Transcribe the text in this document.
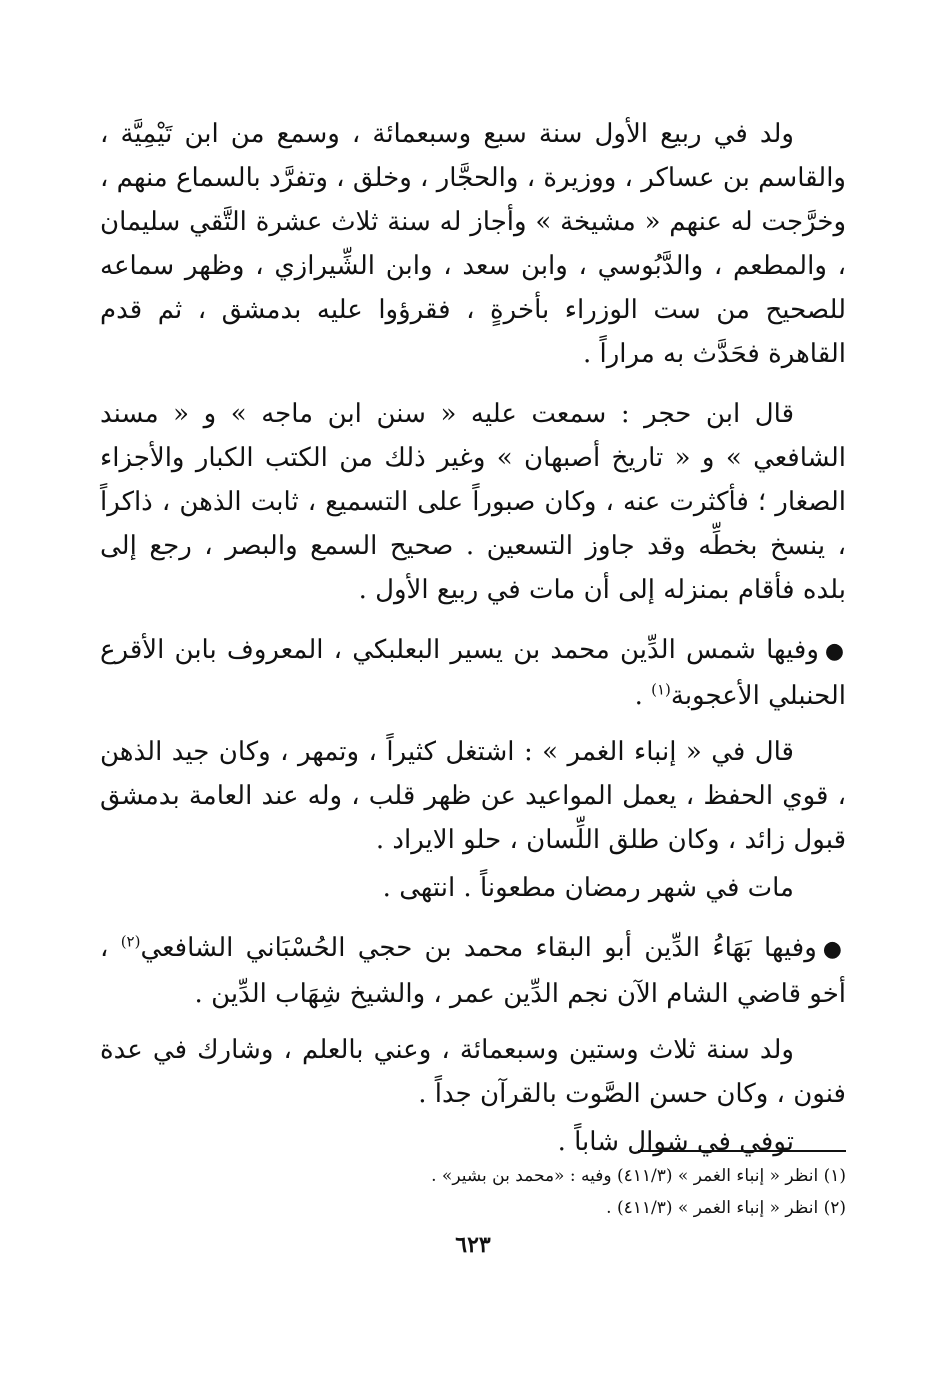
ولد في ربيع الأول سنة سبع وسبعمائة ، وسمع من ابن تَيْمِيَّة ، والقاسم بن عساكر ، ووزيرة ، والحجَّار ، وخلق ، وتفرَّد بالسماع منهم ، وخرَّجت له عنهم « مشيخة » وأجاز له سنة ثلاث عشرة التَّقي سليمان ، والمطعم ، والدَّبُوسي ، وابن سعد ، وابن الشِّيرازي ، وظهر سماعه للصحيح من ست الوزراء بأخرةٍ ، فقرؤوا عليه بدمشق ، ثم قدم القاهرة فحَدَّث به مراراً .

قال ابن حجر : سمعت عليه « سنن ابن ماجه » و « مسند الشافعي » و « تاريخ أصبهان » وغير ذلك من الكتب الكبار والأجزاء الصغار ؛ فأكثرت عنه ، وكان صبوراً على التسميع ، ثابت الذهن ، ذاكراً ، ينسخ بخطِّه وقد جاوز التسعين . صحيح السمع والبصر ، رجع إلى بلده فأقام بمنزله إلى أن مات في ربيع الأول .

●وفيها شمس الدِّين محمد بن يسير البعلبكي ، المعروف بابن الأقرع الحنبلي الأعجوبة$^{(١)}$ .

قال في « إنباء الغمر » : اشتغل كثيراً ، وتمهر ، وكان جيد الذهن ، قوي الحفظ ، يعمل المواعيد عن ظهر قلب ، وله عند العامة بدمشق قبول زائد ، وكان طلق اللِّسان ، حلو الايراد .

مات في شهر رمضان مطعوناً . انتهى .

●وفيها بَهَاءُ الدِّين أبو البقاء محمد بن حجي الحُسْبَاني الشافعي$^{(٢)}$ ، أخو قاضي الشام الآن نجم الدِّين عمر ، والشيخ شِهَاب الدِّين .

ولد سنة ثلاث وستين وسبعمائة ، وعني بالعلم ، وشارك في عدة فنون ، وكان حسن الصَّوت بالقرآن جداً .

توفي في شوال شاباً .

(١) انظر « إنباء الغمر » (٤١١/٣) وفيه : «محمد بن بشير» .

(٢) انظر « إنباء الغمر » (٤١١/٣) .

٦٢٣
